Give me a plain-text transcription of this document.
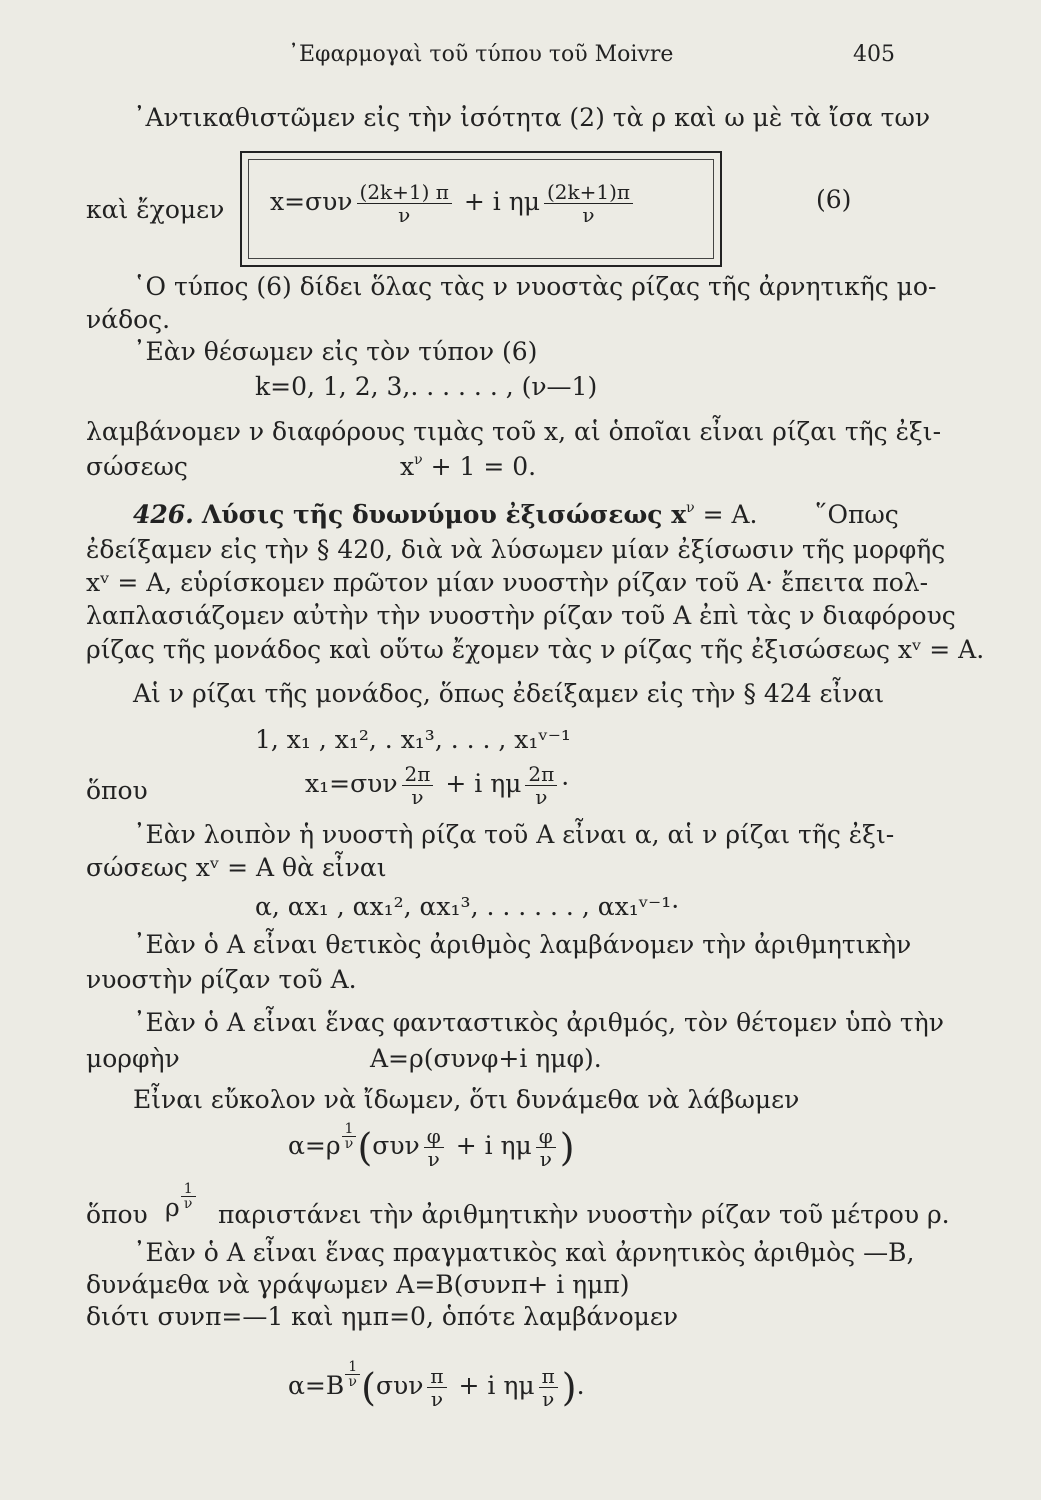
᾿Εφαρμογαὶ τοῦ τύπου τοῦ Moivre	405
᾿Αντικαθιστῶμεν εἰς τὴν ἰσότητα (2) τὰ ρ καὶ ω μὲ τὰ ἴσα των
καὶ ἔχομεν $x=\sigma\upsilon\nu \frac{(2k+1) \pi}{\nu} + i$ ημ $\frac{(2k+1)\pi}{\nu}$	(6)
῾Ο τύπος (6) δίδει ὅλας τὰς ν νυοστὰς ρίζας τῆς ἀρνητικῆς μο-
νάδος.
᾿Εὰν θέσωμεν εἰς τὸν τύπον (6)
k=0, 1, 2, 3,. . . . . . , (ν—1)
λαμβάνομεν ν διαφόρους τιμὰς τοῦ x, αἱ ὁποῖαι εἶναι ρίζαι τῆς ἐξι-
σώσεως	$x^\nu + 1 = 0$.
426. Λύσις τῆς δυωνύμου ἐξισώσεως $x^\nu = A$. ῞Οπως
ἐδείξαμεν εἰς τὴν § 420, διὰ νὰ λύσωμεν μίαν ἐξίσωσιν τῆς μορφῆς
xᵛ = A, εὑρίσκομεν πρῶτον μίαν νυοστὴν ρίζαν τοῦ A· ἔπειτα πολ-
λαπλασιάζομεν αὐτὴν τὴν νυοστὴν ρίζαν τοῦ A ἐπὶ τὰς ν διαφόρους
ρίζας τῆς μονάδος καὶ οὕτω ἔχομεν τὰς ν ρίζας τῆς ἐξισώσεως xᵛ = A.
Αἱ ν ρίζαι τῆς μονάδος, ὅπως ἐδείξαμεν εἰς τὴν § 424 εἶναι
1, x₁ , x₁², . x₁³, . . . , x₁ᵛ⁻¹
ὅπου	$x_1=\sigma\upsilon\nu \frac{2\pi}{\nu} + i$ ημ $\frac{2\pi}{\nu}$ ·
᾿Εὰν λοιπὸν ἡ νυοστὴ ρίζα τοῦ A εἶναι α, αἱ ν ρίζαι τῆς ἐξι-
σώσεως xᵛ = A θὰ εἶναι
α, αx₁ , αx₁², αx₁³, . . . . . . , αx₁ᵛ⁻¹·
᾿Εὰν ὁ A εἶναι θετικὸς ἀριθμὸς λαμβάνομεν τὴν ἀριθμητικὴν
νυοστὴν ρίζαν τοῦ A.
᾿Εὰν ὁ A εἶναι ἕνας φανταστικὸς ἀριθμός, τὸν θέτομεν ὑπὸ τὴν
μορφὴν	A=ρ(συνφ+i ημφ).
Εἶναι εὔκολον νὰ ἴδωμεν, ὅτι δυνάμεθα νὰ λάβωμεν
$\alpha=\rho \frac{1}{\nu} (\sigma\upsilon\nu \frac{\varphi}{\nu} + i$ ημ $\frac{\varphi}{\nu}$ )
ὅπου ρ $\frac{1}{\nu}$
παριστάνει τὴν ἀριθμητικὴν νυοστὴν ρίζαν τοῦ μέτρου ρ.
᾿Εὰν ὁ A εἶναι ἕνας πραγματικὸς καὶ ἀρνητικὸς ἀριθμὸς —B,
δυνάμεθα νὰ γράψωμεν A=B(συνπ+ i ημπ)
διότι συνπ=—1 καὶ ημπ=0, ὁπότε λαμβάνομεν
$\alpha=B \frac{1}{\nu} (\sigma\upsilon\nu \frac{\pi}{\nu} + i$ ημ $\frac{\pi}{\nu}$ ).
